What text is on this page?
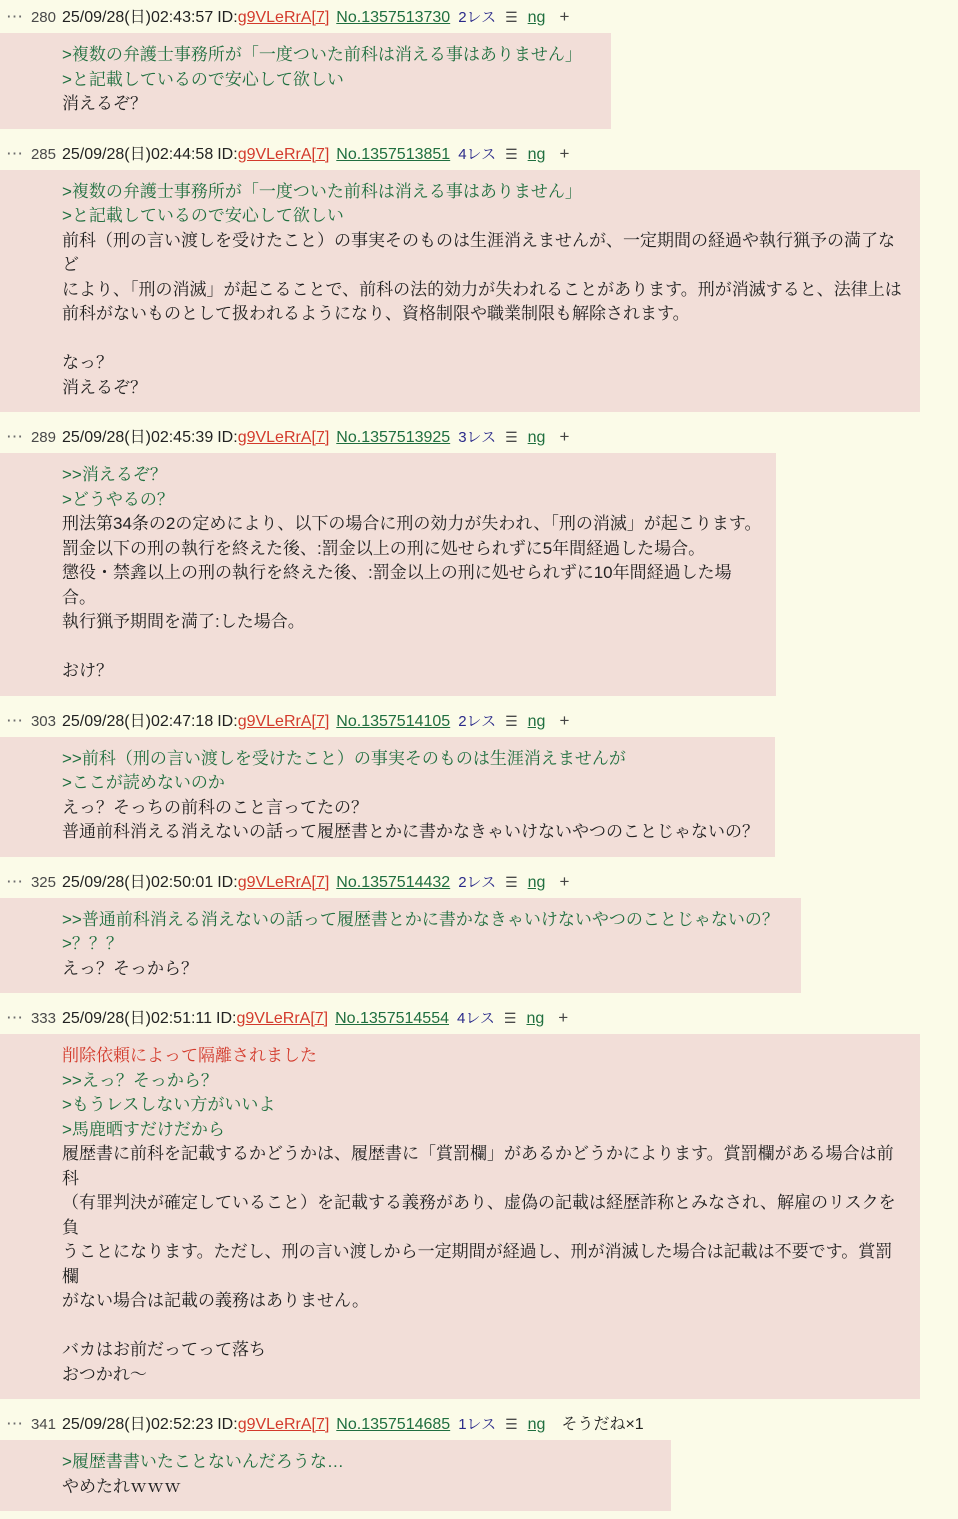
⋯ 280 25/09/28(日)02:43:57 ID: g9VLeRrA[7] No.1357513730 2レス ☰ ng +
>複数の弁護士事務所が「一度ついた前科は消える事はありません」
>と記載しているので安心して欲しい
消えるぞ？
⋯ 285 25/09/28(日)02:44:58 ID: g9VLeRrA[7] No.1357513851 4レス ☰ ng +
>複数の弁護士事務所が「一度ついた前科は消える事はありません」
>と記載しているので安心して欲しい
前科（刑の言い渡しを受けたこと）の事実そのものは生涯消えませんが、一定期間の経過や執行猟予の満了など
により、「刑の消滅」が起こることで、前科の法的効力が失われることがあります。刑が消滅すると、法律上は
前科がないものとして扱われるようになり、資格制限や職業制限も解除されます。

なっ？
消えるぞ？
⋯ 289 25/09/28(日)02:45:39 ID: g9VLeRrA[7] No.1357513925 3レス ☰ ng +
>>消えるぞ？
>どうやるの？
刑法第34条の2の定めにより、以下の場合に刑の効力が失われ、「刑の消滅」が起こります。
罰金以下の刑の執行を終えた後、:罰金以上の刑に処せられずに5年間経過した場合。
懲役・禁錱以上の刑の執行を終えた後、:罰金以上の刑に処せられずに10年間経過した場合。
執行猟予期間を満了:した場合。

おけ？
⋯ 303 25/09/28(日)02:47:18 ID: g9VLeRrA[7] No.1357514105 2レス ☰ ng +
>>前科（刑の言い渡しを受けたこと）の事実そのものは生涯消えませんが
>ここが読めないのか
えっ？そっちの前科のこと言ってたの？
普通前科消える消えないの話って履歴書とかに書かなきゃいけないやつのことじゃないの？
⋯ 325 25/09/28(日)02:50:01 ID: g9VLeRrA[7] No.1357514432 2レス ☰ ng +
>>普通前科消える消えないの話って履歴書とかに書かなきゃいけないやつのことじゃないの？
>？？？
えっ？そっから？
⋯ 333 25/09/28(日)02:51:11 ID: g9VLeRrA[7] No.1357514554 4レス ☰ ng +
削除依頼によって隔離されました
>>えっ？そっから？
>もうレスしない方がいいよ
>馬鹿晒すだけだから
履歴書に前科を記載するかどうかは、履歴書に「賞罰欄」があるかどうかによります。賞罰欄がある場合は前科
（有罪判決が確定していること）を記載する義務があり、虚偽の記載は経歴詐称とみなされ、解雇のリスクを負
うことになります。ただし、刑の言い渡しから一定期間が経過し、刑が消滅した場合は記載は不要です。賞罰欄
がない場合は記載の義務はありません。

バカはお前だってって落ち
おつかれ〜
⋯ 341 25/09/28(日)02:52:23 ID: g9VLeRrA[7] No.1357514685 1レス ☰ ng	そうだね×1
>履歴書書いたことないんだろうな…
やめたれｗｗｗ
